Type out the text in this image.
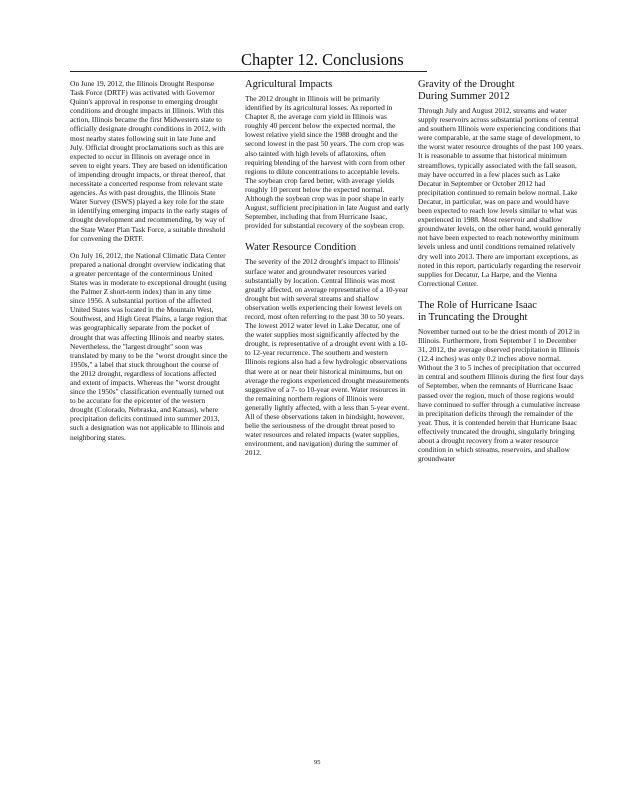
Chapter 12. Conclusions

On June 19, 2012, the Illinois Drought Response Task Force (DRTF) was activated with Governor Quinn's approval in response to emerging drought conditions and drought impacts in Illinois. With this action, Illinois became the first Midwestern state to officially designate drought conditions in 2012, with most nearby states following suit in late June and July. Official drought proclamations such as this are expected to occur in Illinois on average once in seven to eight years. They are based on identification of impending drought impacts, or threat thereof, that necessitate a concerted response from relevant state agencies. As with past droughts, the Illinois State Water Survey (ISWS) played a key role for the state in identifying emerging impacts in the early stages of drought development and recommending, by way of the State Water Plan Task Force, a suitable threshold for convening the DRTF.

On July 16, 2012, the National Climatic Data Center prepared a national drought overview indicating that a greater percentage of the conterminous United States was in moderate to exceptional drought (using the Palmer Z short-term index) than in any time since 1956. A substantial portion of the affected United States was located in the Mountain West, Southwest, and High Great Plains, a large region that was geographically separate from the pocket of drought that was affecting Illinois and nearby states. Nevertheless, the "largest drought" soon was translated by many to be the "worst drought since the 1950s," a label that stuck throughout the course of the 2012 drought, regardless of locations affected and extent of impacts. Whereas the "worst drought since the 1950s" classification eventually turned out to be accurate for the epicenter of the western drought (Colorado, Nebraska, and Kansas), where precipitation deficits continued into summer 2013, such a designation was not applicable to Illinois and neighboring states.

Agricultural Impacts

The 2012 drought in Illinois will be primarily identified by its agricultural losses. As reported in Chapter 8, the average corn yield in Illinois was roughly 40 percent below the expected normal, the lowest relative yield since the 1988 drought and the second lowest in the past 50 years. The corn crop was also tainted with high levels of aflatoxins, often requiring blending of the harvest with corn from other regions to dilute concentrations to acceptable levels. The soybean crop fared better, with average yields roughly 10 percent below the expected normal. Although the soybean crop was in poor shape in early August, sufficient precipitation in late August and early September, including that from Hurricane Isaac, provided for substantial recovery of the soybean crop.

Water Resource Condition

The severity of the 2012 drought's impact to Illinois' surface water and groundwater resources varied substantially by location. Central Illinois was most greatly affected, on average representative of a 10-year drought but with several streams and shallow observation wells experiencing their lowest levels on record, most often referring to the past 30 to 50 years. The lowest 2012 water level in Lake Decatur, one of the water supplies most significantly affected by the drought, is representative of a drought event with a 10- to 12-year recurrence. The southern and western Illinois regions also had a few hydrologic observations that were at or near their historical minimums, but on average the regions experienced drought measurements suggestive of a 7- to 10-year event. Water resources in the remaining northern regions of Illinois were generally lightly affected, with a less than 5-year event. All of these observations taken in hindsight, however, belie the seriousness of the drought threat posed to water resources and related impacts (water supplies, environment, and navigation) during the summer of 2012.

Gravity of the Drought
During Summer 2012

Through July and August 2012, streams and water supply reservoirs across substantial portions of central and southern Illinois were experiencing conditions that were comparable, at the same stage of development, to the worst water resource droughts of the past 100 years. It is reasonable to assume that historical minimum streamflows, typically associated with the fall season, may have occurred in a few places such as Lake Decatur in September or October 2012 had precipitation continued to remain below normal. Lake Decatur, in particular, was on pace and would have been expected to reach low levels similar to what was experienced in 1988. Most reservoir and shallow groundwater levels, on the other hand, would generally not have been expected to reach noteworthy minimum levels unless and until conditions remained relatively dry well into 2013. There are important exceptions, as noted in this report, particularly regarding the reservoir supplies for Decatur, La Harpe, and the Vienna Correctional Center.

The Role of Hurricane Isaac
in Truncating the Drought

November turned out to be the driest month of 2012 in Illinois. Furthermore, from September 1 to December 31, 2012, the average observed precipitation in Illinois (12.4 inches) was only 0.2 inches above normal. Without the 3 to 5 inches of precipitation that occurred in central and southern Illinois during the first four days of September, when the remnants of Hurricane Isaac passed over the region, much of those regions would have continued to suffer through a cumulative increase in precipitation deficits through the remainder of the year. Thus, it is contended herein that Hurricane Isaac effectively truncated the drought, singularly bringing about a drought recovery from a water resource condition in which streams, reservoirs, and shallow groundwater

95
